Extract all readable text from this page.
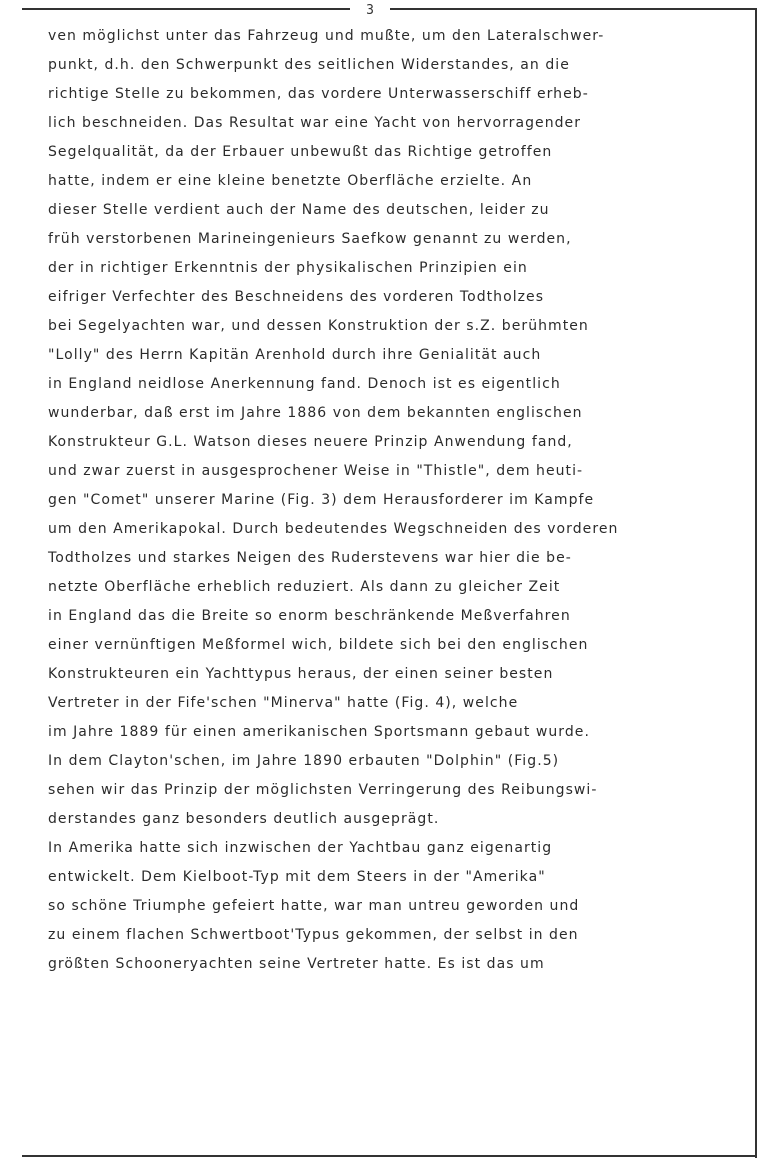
3
ven möglichst unter das Fahrzeug und mußte, um den Lateralschwer-
punkt, d.h. den Schwerpunkt des seitlichen Widerstandes, an die
richtige Stelle zu bekommen, das vordere Unterwasserschiff erheb-
lich beschneiden. Das Resultat war eine Yacht von hervorragender
Segelqualität, da der Erbauer unbewußt das Richtige getroffen
hatte, indem er eine kleine benetzte Oberfläche erzielte. An
dieser Stelle verdient auch der Name des deutschen, leider zu
früh verstorbenen Marineingenieurs Saefkow genannt zu werden,
der in richtiger Erkenntnis der physikalischen Prinzipien ein
eifriger Verfechter des Beschneidens des vorderen Todtholzes
bei Segelyachten war, und dessen Konstruktion der s.Z. berühmten
"Lolly" des Herrn Kapitän Arenhold durch ihre Genialität auch
in England neidlose Anerkennung fand. Denoch ist es eigentlich
wunderbar, daß erst im Jahre 1886 von dem bekannten englischen
Konstrukteur G.L. Watson dieses neuere Prinzip Anwendung fand,
und zwar zuerst in ausgesprochener Weise in "Thistle", dem heuti-
gen "Comet" unserer Marine (Fig. 3) dem Herausforderer im Kampfe
um den Amerikapokal. Durch bedeutendes Wegschneiden des vorderen
Todtholzes und starkes Neigen des Ruderstevens war hier die be-
netzte Oberfläche erheblich reduziert. Als dann zu gleicher Zeit
in England das die Breite so enorm beschränkende Meßverfahren
einer vernünftigen Meßformel wich, bildete sich bei den englischen
Konstrukteuren ein Yachttypus heraus, der einen seiner besten
Vertreter in der Fife'schen "Minerva" hatte (Fig. 4), welche
im Jahre 1889 für einen amerikanischen Sportsmann gebaut wurde.
In dem Clayton'schen, im Jahre 1890 erbauten "Dolphin" (Fig.5)
sehen wir das Prinzip der möglichsten Verringerung des Reibungswi-
derstandes ganz besonders deutlich ausgeprägt.
In Amerika hatte sich inzwischen der Yachtbau ganz eigenartig
entwickelt. Dem Kielboot-Typ mit dem Steers in der "Amerika"
so schöne Triumphe gefeiert hatte, war man untreu geworden und
zu einem flachen Schwertboot'Typus gekommen, der selbst in den
größten Schooneryachten seine Vertreter hatte. Es ist das um
